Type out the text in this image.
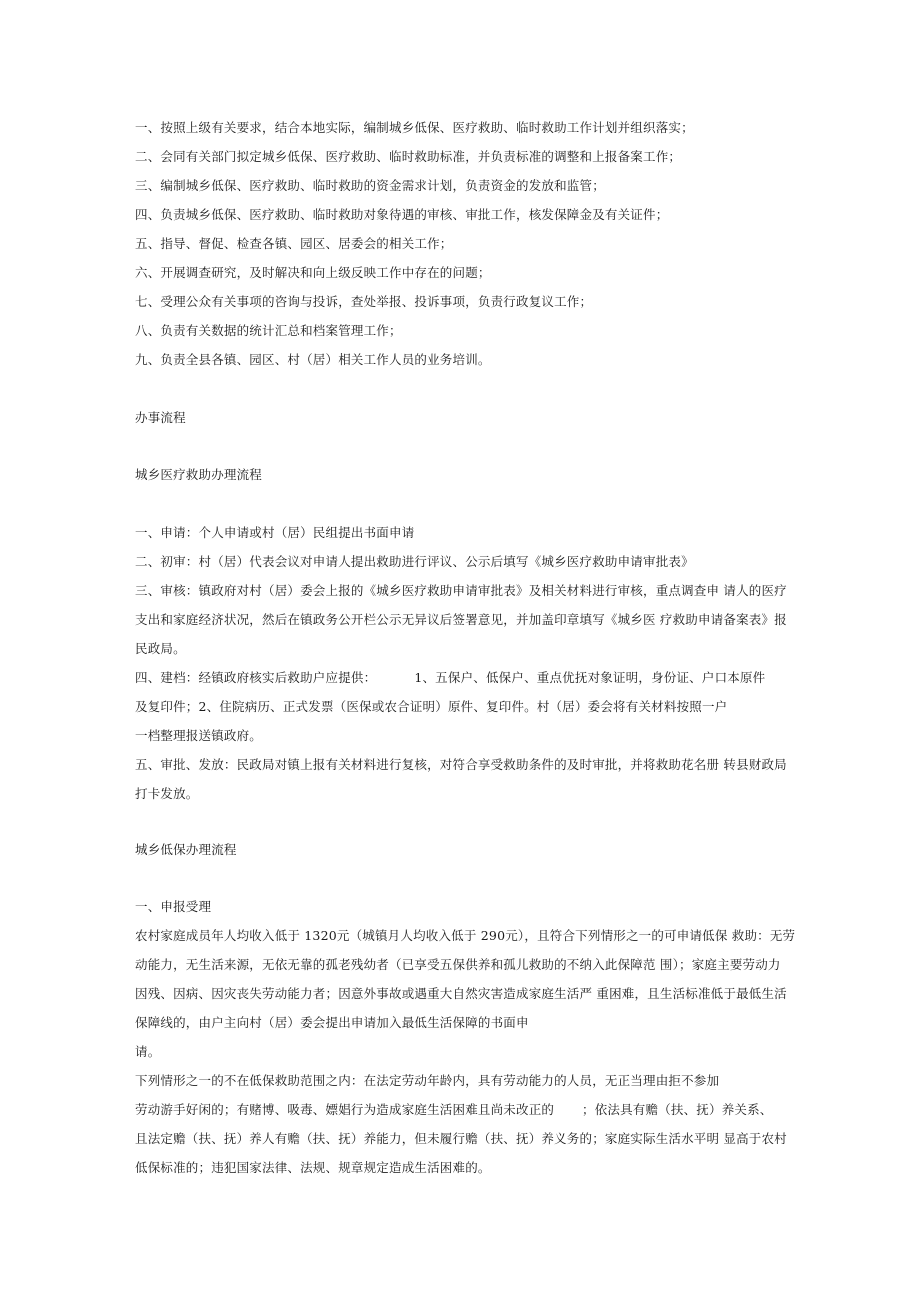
一、按照上级有关要求，结合本地实际，编制城乡低保、医疗救助、临时救助工作计划并组织落实；
二、会同有关部门拟定城乡低保、医疗救助、临时救助标准，并负责标准的调整和上报备案工作；
三、编制城乡低保、医疗救助、临时救助的资金需求计划，负责资金的发放和监管；
四、负责城乡低保、医疗救助、临时救助对象待遇的审核、审批工作，核发保障金及有关证件；
五、指导、督促、检查各镇、园区、居委会的相关工作；
六、开展调查研究，及时解决和向上级反映工作中存在的问题；
七、受理公众有关事项的咨询与投诉，查处举报、投诉事项，负责行政复议工作；
八、负责有关数据的统计汇总和档案管理工作；
九、负责全县各镇、园区、村（居）相关工作人员的业务培训。
办事流程
城乡医疗救助办理流程
一、申请：个人申请或村（居）民组提出书面申请
二、初审：村（居）代表会议对申请人提出救助进行评议、公示后填写《城乡医疗救助申请审批表》
三、审核：镇政府对村（居）委会上报的《城乡医疗救助申请审批表》及相关材料进行审核，重点调查申 请人的医疗
支出和家庭经济状况，然后在镇政务公开栏公示无异议后签署意见，并加盖印章填写《城乡医 疗救助申请备案表》报
民政局。
四、建档：经镇政府核实后救助户应提供：	1、五保户、低保户、重点优抚对象证明，身份证、户口本原件
及复印件；2、住院病历、正式发票（医保或农合证明）原件、复印件。村（居）委会将有关材料按照一户
一档整理报送镇政府。
五、审批、发放：民政局对镇上报有关材料进行复核，对符合享受救助条件的及时审批，并将救助花名册 转县财政局
打卡发放。
城乡低保办理流程
一、申报受理
农村家庭成员年人均收入低于 1320元（城镇月人均收入低于 290元），且符合下列情形之一的可申请低保 救助：无劳
动能力，无生活来源，无依无靠的孤老残幼者（已享受五保供养和孤儿救助的不纳入此保障范 围）；家庭主要劳动力
因残、因病、因灾丧失劳动能力者；因意外事故或遇重大自然灾害造成家庭生活严 重困难，且生活标准低于最低生活
保障线的，由户主向村（居）委会提出申请加入最低生活保障的书面申
请。
下列情形之一的不在低保救助范围之内：在法定劳动年龄内，具有劳动能力的人员，无正当理由拒不参加
劳动游手好闲的；有赌博、吸毒、嫖娼行为造成家庭生活困难且尚未改正的 ；依法具有赡（扶、抚）养关系、
且法定赡（扶、抚）养人有赡（扶、抚）养能力，但未履行赡（扶、抚）养义务的；家庭实际生活水平明 显高于农村
低保标准的；违犯国家法律、法规、规章规定造成生活困难的。
